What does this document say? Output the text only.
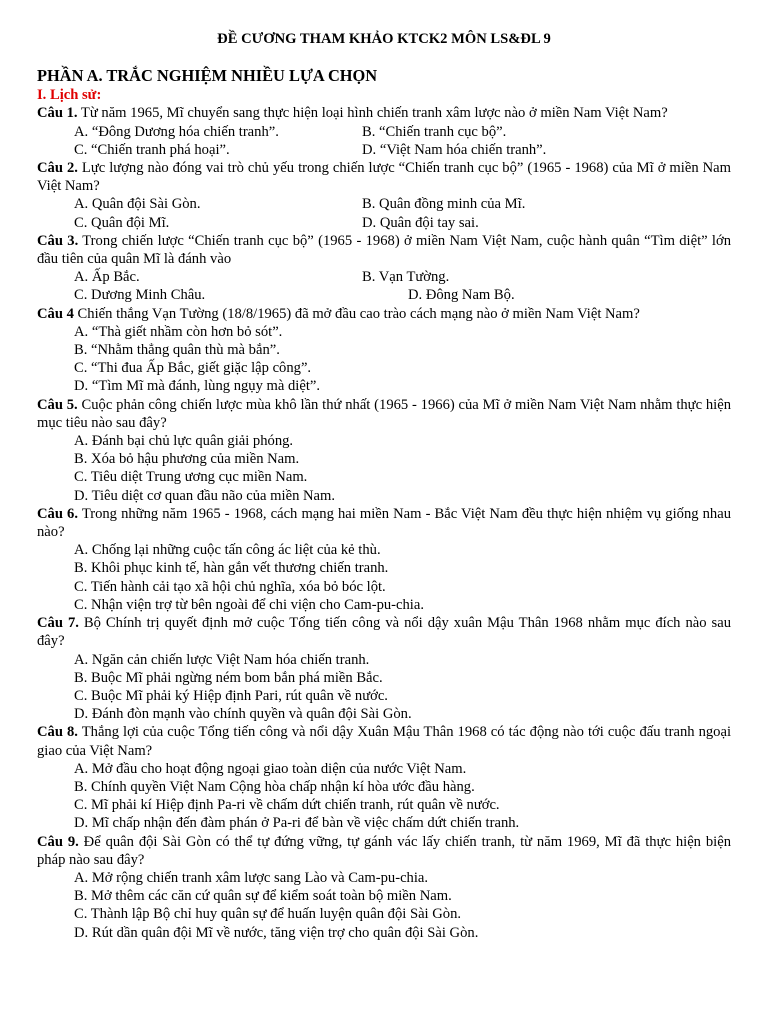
ĐỀ CƯƠNG THAM KHẢO KTCK2 MÔN LS&ĐL 9

PHẦN A. TRẮC NGHIỆM NHIỀU LỰA CHỌN

I. Lịch sử:

Câu 1. Từ năm 1965, Mĩ chuyển sang thực hiện loại hình chiến tranh xâm lược nào ở miền Nam Việt Nam?

A. “Đông Dương hóa chiến tranh”.	B. “Chiến tranh cục bộ”.
C. “Chiến tranh phá hoại”.	D. “Việt Nam hóa chiến tranh”.

Câu 2. Lực lượng nào đóng vai trò chủ yếu trong chiến lược “Chiến tranh cục bộ” (1965 - 1968) của Mĩ ở miền Nam Việt Nam?

A. Quân đội Sài Gòn.	B. Quân đồng minh của Mĩ.
C. Quân đội Mĩ.	D. Quân đội tay sai.

Câu 3. Trong chiến lược “Chiến tranh cục bộ” (1965 - 1968) ở miền Nam Việt Nam, cuộc hành quân “Tìm diệt” lớn đầu tiên của quân Mĩ là đánh vào

A. Ấp Bắc.	B. Vạn Tường.
C. Dương Minh Châu.	D. Đông Nam Bộ.

Câu 4 Chiến thắng Vạn Tường (18/8/1965) đã mở đầu cao trào cách mạng nào ở miền Nam Việt Nam?

A. “Thà giết nhầm còn hơn bỏ sót”.

B. “Nhằm thẳng quân thù mà bắn”.

C. “Thi đua Ấp Bắc, giết giặc lập công”.

D. “Tìm Mĩ mà đánh, lùng ngụy mà diệt”.

Câu 5. Cuộc phản công chiến lược mùa khô lần thứ nhất (1965 - 1966) của Mĩ ở miền Nam Việt Nam nhằm thực hiện mục tiêu nào sau đây?

A. Đánh bại chủ lực quân giải phóng.

B. Xóa bỏ hậu phương của miền Nam.

C. Tiêu diệt Trung ương cục miền Nam.

D. Tiêu diệt cơ quan đầu não của miền Nam.

Câu 6. Trong những năm 1965 - 1968, cách mạng hai miền Nam - Bắc Việt Nam đều thực hiện nhiệm vụ giống nhau nào?

A. Chống lại những cuộc tấn công ác liệt của kẻ thù.

B. Khôi phục kinh tế, hàn gắn vết thương chiến tranh.

C. Tiến hành cải tạo xã hội chủ nghĩa, xóa bỏ bóc lột.

C. Nhận viện trợ từ bên ngoài để chi viện cho Cam-pu-chia.

Câu 7. Bộ Chính trị quyết định mở cuộc Tổng tiến công và nổi dậy xuân Mậu Thân 1968 nhằm mục đích nào sau đây?

A. Ngăn cản chiến lược Việt Nam hóa chiến tranh.

B. Buộc Mĩ phải ngừng ném bom bắn phá miền Bắc.

C. Buộc Mĩ phải ký Hiệp định Pari, rút quân về nước.

D. Đánh đòn mạnh vào chính quyền và quân đội Sài Gòn.

Câu 8. Thắng lợi của cuộc Tổng tiến công và nổi dậy Xuân Mậu Thân 1968 có tác động nào tới cuộc đấu tranh ngoại giao của Việt Nam?

A. Mở đầu cho hoạt động ngoại giao toàn diện của nước Việt Nam.

B. Chính quyền Việt Nam Cộng hòa chấp nhận kí hòa ước đầu hàng.

C. Mĩ phải kí Hiệp định Pa-ri về chấm dứt chiến tranh, rút quân về nước.

D. Mĩ chấp nhận đến đàm phán ở Pa-ri để bàn về việc chấm dứt chiến tranh.

Câu 9. Để quân đội Sài Gòn có thể tự đứng vững, tự gánh vác lấy chiến tranh, từ năm 1969, Mĩ đã thực hiện biện pháp nào sau đây?

A. Mở rộng chiến tranh xâm lược sang Lào và Cam-pu-chia.

B. Mở thêm các căn cứ quân sự để kiểm soát toàn bộ miền Nam.

C. Thành lập Bộ chỉ huy quân sự để huấn luyện quân đội Sài Gòn.

D. Rút dần quân đội Mĩ về nước, tăng viện trợ cho quân đội Sài Gòn.
